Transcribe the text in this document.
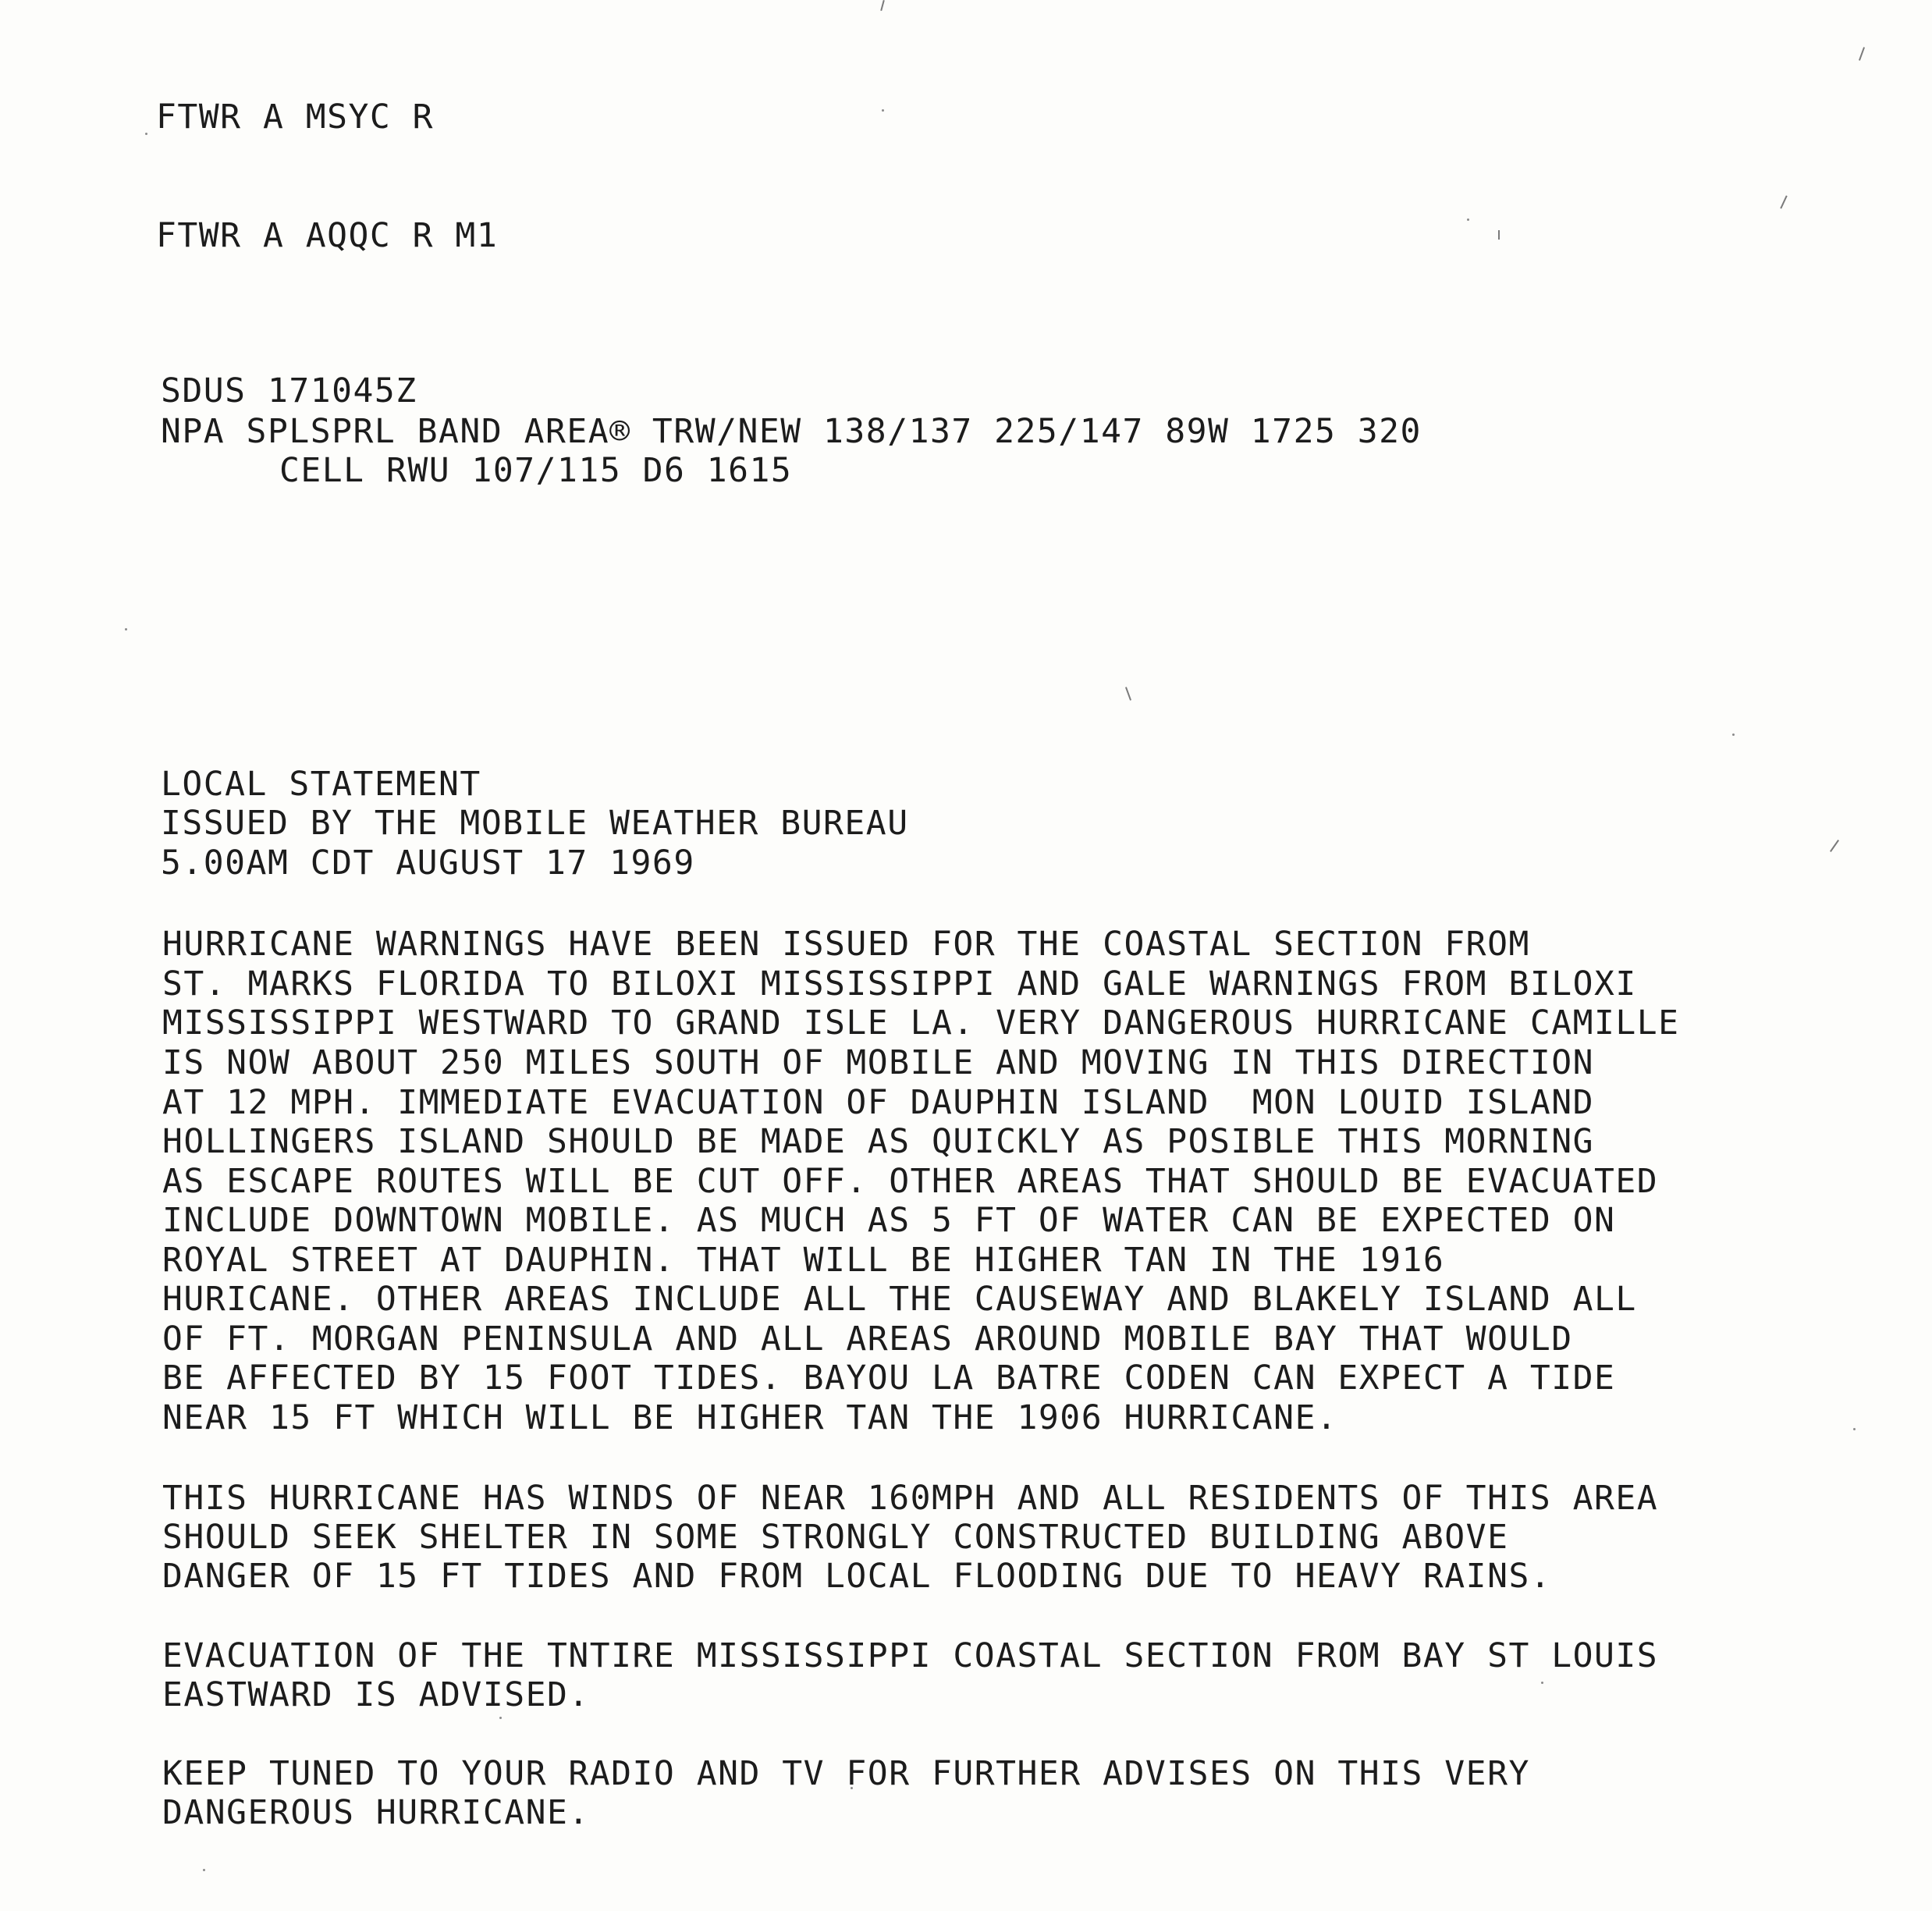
FTWR A MSYC R
FTWR A AQQC R M1
SDUS 171045Z
NPA SPLSPRL BAND AREA® TRW/NEW 138/137 225/147 89W 1725 320
CELL RWU 107/115 D6 1615
LOCAL STATEMENT
ISSUED BY THE MOBILE WEATHER BUREAU
5.00AM CDT AUGUST 17 1969
HURRICANE WARNINGS HAVE BEEN ISSUED FOR THE COASTAL SECTION FROM
ST. MARKS FLORIDA TO BILOXI MISSISSIPPI AND GALE WARNINGS FROM BILOXI
MISSISSIPPI WESTWARD TO GRAND ISLE LA. VERY DANGEROUS HURRICANE CAMILLE
IS NOW ABOUT 250 MILES SOUTH OF MOBILE AND MOVING IN THIS DIRECTION
AT 12 MPH. IMMEDIATE EVACUATION OF DAUPHIN ISLAND  MON LOUID ISLAND
HOLLINGERS ISLAND SHOULD BE MADE AS QUICKLY AS POSIBLE THIS MORNING
AS ESCAPE ROUTES WILL BE CUT OFF. OTHER AREAS THAT SHOULD BE EVACUATED
INCLUDE DOWNTOWN MOBILE. AS MUCH AS 5 FT OF WATER CAN BE EXPECTED ON
ROYAL STREET AT DAUPHIN. THAT WILL BE HIGHER TAN IN THE 1916
HURICANE. OTHER AREAS INCLUDE ALL THE CAUSEWAY AND BLAKELY ISLAND ALL
OF FT. MORGAN PENINSULA AND ALL AREAS AROUND MOBILE BAY THAT WOULD
BE AFFECTED BY 15 FOOT TIDES. BAYOU LA BATRE CODEN CAN EXPECT A TIDE
NEAR 15 FT WHICH WILL BE HIGHER TAN THE 1906 HURRICANE.
THIS HURRICANE HAS WINDS OF NEAR 160MPH AND ALL RESIDENTS OF THIS AREA
SHOULD SEEK SHELTER IN SOME STRONGLY CONSTRUCTED BUILDING ABOVE
DANGER OF 15 FT TIDES AND FROM LOCAL FLOODING DUE TO HEAVY RAINS.
EVACUATION OF THE TNTIRE MISSISSIPPI COASTAL SECTION FROM BAY ST LOUIS
EASTWARD IS ADVISED.
KEEP TUNED TO YOUR RADIO AND TV FOR FURTHER ADVISES ON THIS VERY
DANGEROUS HURRICANE.
